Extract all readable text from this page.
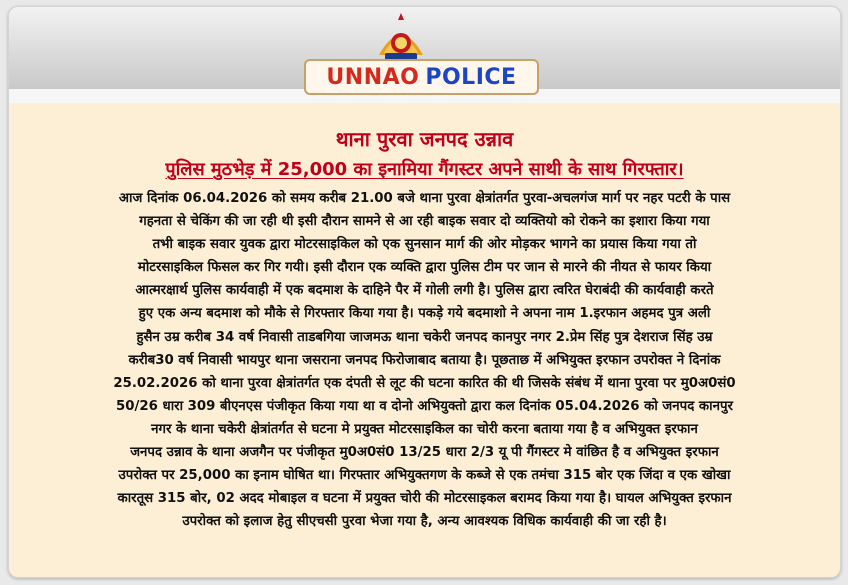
UNNAO POLICE
थाना पुरवा जनपद उन्नाव
पुलिस मुठभेड़ में 25,000 का इनामिया गैंगस्टर अपने साथी के साथ गिरफ्तार।
आज दिनांक 06.04.2026 को समय करीब 21.00 बजे थाना पुरवा क्षेत्रांतर्गत पुरवा-अचलगंज मार्ग पर नहर पटरी के पास
गहनता से चेकिंग की जा रही थी इसी दौरान सामने से आ रही बाइक सवार दो व्यक्तियो को रोकने का इशारा किया गया
तभी बाइक सवार युवक द्वारा मोटरसाइकिल को एक सुनसान मार्ग की ओर मोड़कर भागने का प्रयास किया गया तो
मोटरसाइकिल फिसल कर गिर गयी। इसी दौरान एक व्यक्ति द्वारा पुलिस टीम पर जान से मारने की नीयत से फायर किया
आत्मरक्षार्थ पुलिस कार्यवाही में एक बदमाश के दाहिने पैर में गोली लगी है। पुलिस द्वारा त्वरित घेराबंदी की कार्यवाही करते
हुए एक अन्य बदमाश को मौके से गिरफ्तार किया गया है। पकड़े गये बदमाशो ने अपना नाम 1.इरफान अहमद पुत्र अली
हुसैन उम्र करीब 34 वर्ष निवासी ताडबगिया जाजमऊ थाना चकेरी जनपद कानपुर नगर 2.प्रेम सिंह पुत्र देशराज सिंह उम्र
करीब30 वर्ष निवासी भायपुर थाना जसराना जनपद फिरोजाबाद बताया है। पूछताछ में अभियुक्त इरफान उपरोक्त ने दिनांक
25.02.2026 को थाना पुरवा क्षेत्रांतर्गत एक दंपती से लूट की घटना कारित की थी जिसके संबंध में थाना पुरवा पर मु0अ0सं0
50/26 धारा 309 बीएनएस पंजीकृत किया गया था व दोनो अभियुक्तो द्वारा कल दिनांक 05.04.2026 को जनपद कानपुर
नगर के थाना चकेरी क्षेत्रांतर्गत से घटना मे प्रयुक्त मोटरसाइकिल का चोरी करना बताया गया है व अभियुक्त इरफान
जनपद उन्नाव के थाना अजगैन पर पंजीकृत मु0अ0सं0 13/25 धारा 2/3 यू पी गैंगस्टर मे वांछित है व अभियुक्त इरफान
उपरोक्त पर 25,000 का इनाम घोषित था। गिरफ्तार अभियुक्तगण के कब्जे से एक तमंचा 315 बोर एक जिंदा व एक खोखा
कारतूस 315 बोर, 02 अदद मोबाइल व घटना में प्रयुक्त चोरी की मोटरसाइकल बरामद किया गया है। घायल अभियुक्त इरफान
उपरोक्त को इलाज हेतु सीएचसी पुरवा भेजा गया है, अन्य आवश्यक विधिक कार्यवाही की जा रही है।
